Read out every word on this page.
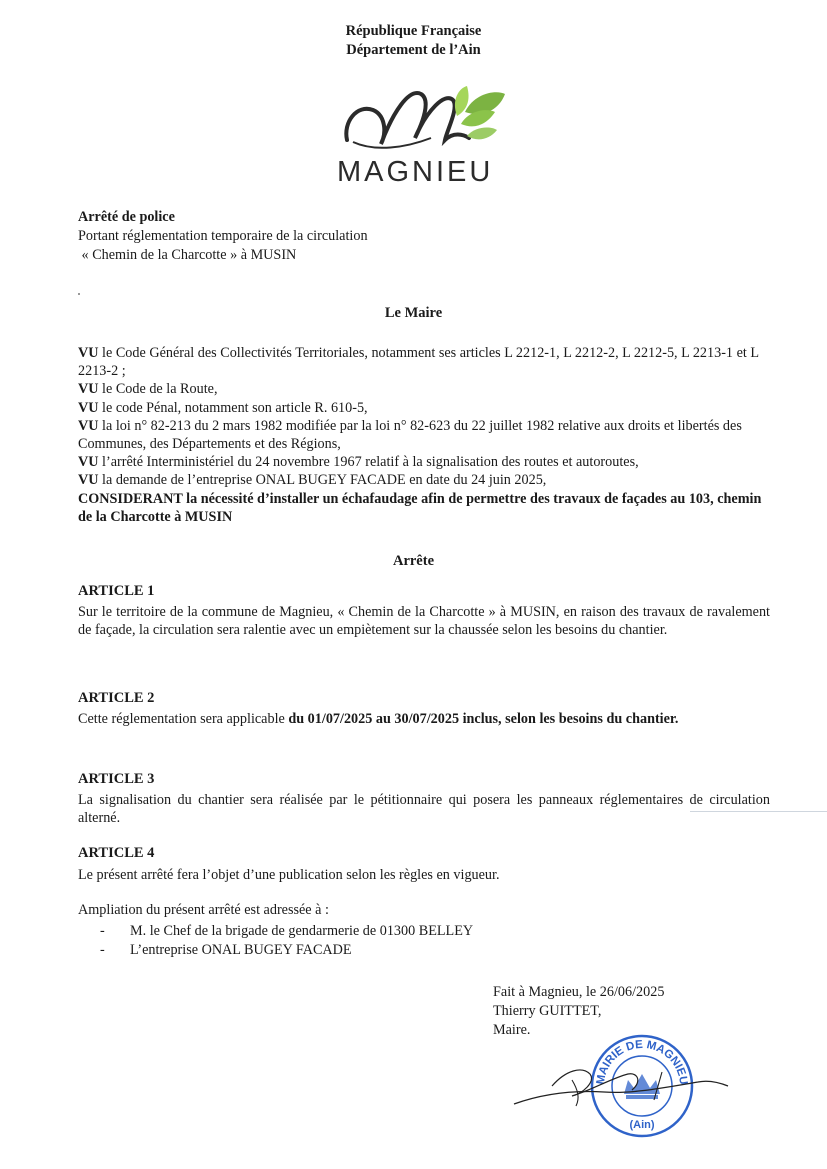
République Française
Département de l’Ain
MAGNIEU
Arrêté de police
Portant réglementation temporaire de la circulation
« Chemin de la Charcotte » à MUSIN
Le Maire

VU le Code Général des Collectivités Territoriales, notamment ses articles L 2212-1, L 2212-2, L 2212-5, L 2213-1 et L 2213-2 ;

VU le Code de la Route,

VU le code Pénal, notamment son article R. 610-5,

VU la loi n° 82-213 du 2 mars 1982 modifiée par la loi n° 82-623 du 22 juillet 1982 relative aux droits et libertés des Communes, des Départements et des Régions,

VU l’arrêté Interministériel du 24 novembre 1967 relatif à la signalisation des routes et autoroutes,

VU la demande de l’entreprise ONAL BUGEY FACADE en date du 24 juin 2025,

CONSIDERANT la nécessité d’installer un échafaudage afin de permettre des travaux de façades au 103, chemin de la Charcotte à MUSIN

Arrête
ARTICLE 1
Sur le territoire de la commune de Magnieu, « Chemin de la Charcotte » à MUSIN, en raison des travaux de ravalement de façade, la circulation sera ralentie avec un empiètement sur la chaussée selon les besoins du chantier.
ARTICLE 2
Cette réglementation sera applicable du 01/07/2025 au 30/07/2025 inclus, selon les besoins du chantier.
ARTICLE 3
La signalisation du chantier sera réalisée par le pétitionnaire qui posera les panneaux réglementaires de circulation alterné.
ARTICLE 4
Le présent arrêté fera l’objet d’une publication selon les règles en vigueur.
Ampliation du présent arrêté est adressée à :
-	M. le Chef de la brigade de gendarmerie de 01300 BELLEY
-	L’entreprise ONAL BUGEY FACADE
Fait à Magnieu, le 26/06/2025
Thierry GUITTET,
Maire.
MAIRIE DE MAGNIEU
(Ain)
